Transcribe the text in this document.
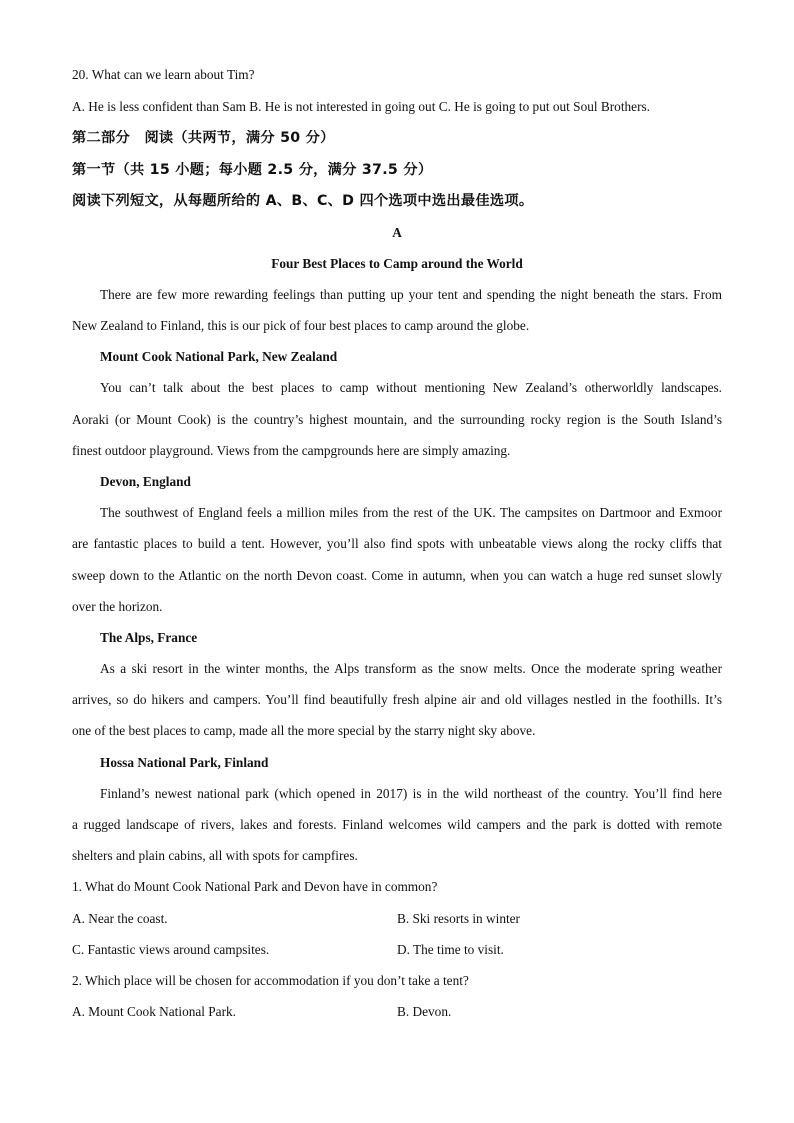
20. What can we learn about Tim?
A. He is less confident than Sam B. He is not interested in going out C. He is going to put out Soul Brothers.
第二部分　阅读（共两节，满分 50 分）
第一节（共 15 小题；每小题 2.5 分，满分 37.5 分）
阅读下列短文，从每题所给的 A、B、C、D 四个选项中选出最佳选项。
A
Four Best Places to Camp around the World
There are few more rewarding feelings than putting up your tent and spending the night beneath the stars. From
New Zealand to Finland, this is our pick of four best places to camp around the globe.
Mount Cook National Park, New Zealand
You can’t talk about the best places to camp without mentioning New Zealand’s otherworldly landscapes.
Aoraki (or Mount Cook) is the country’s highest mountain, and the surrounding rocky region is the South Island’s
finest outdoor playground. Views from the campgrounds here are simply amazing.
Devon, England
The southwest of England feels a million miles from the rest of the UK. The campsites on Dartmoor and Exmoor
are fantastic places to build a tent. However, you’ll also find spots with unbeatable views along the rocky cliffs that
sweep down to the Atlantic on the north Devon coast. Come in autumn, when you can watch a huge red sunset slowly
over the horizon.
The Alps, France
As a ski resort in the winter months, the Alps transform as the snow melts. Once the moderate spring weather
arrives, so do hikers and campers. You’ll find beautifully fresh alpine air and old villages nestled in the foothills. It’s
one of the best places to camp, made all the more special by the starry night sky above.
Hossa National Park, Finland
Finland’s newest national park (which opened in 2017) is in the wild northeast of the country. You’ll find here
a rugged landscape of rivers, lakes and forests. Finland welcomes wild campers and the park is dotted with remote
shelters and plain cabins, all with spots for campfires.
1. What do Mount Cook National Park and Devon have in common?
A. Near the coast.	B. Ski resorts in winter
C. Fantastic views around campsites.	D. The time to visit.
2. Which place will be chosen for accommodation if you don’t take a tent?
A. Mount Cook National Park.	B. Devon.
